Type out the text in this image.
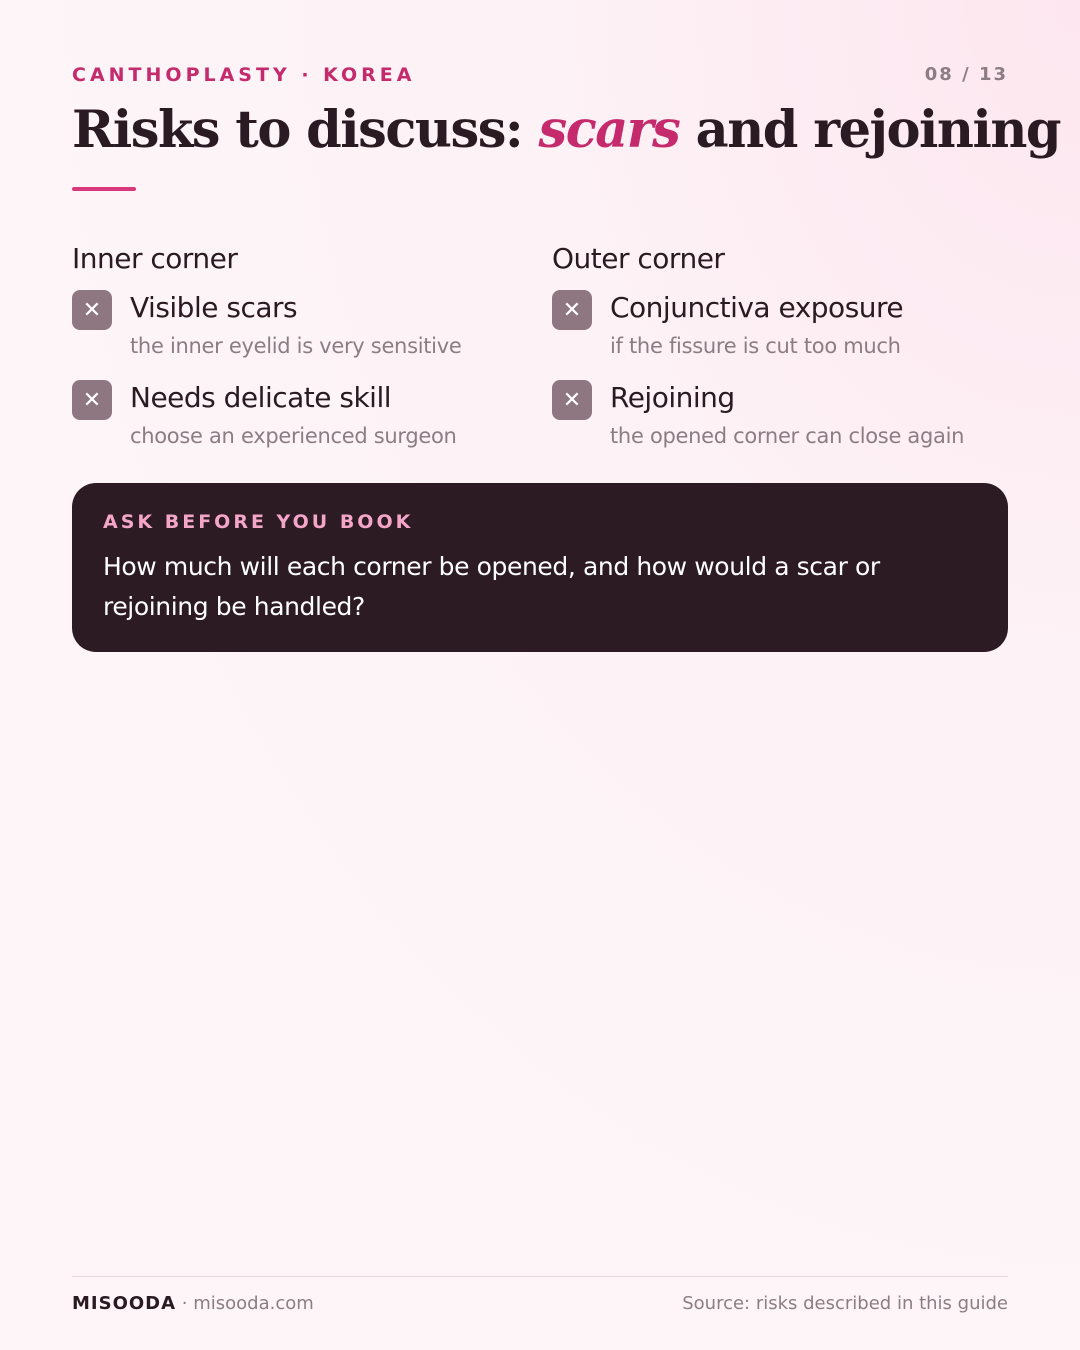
CANTHOPLASTY · KOREA	08 / 13
Risks to discuss: scars and rejoining
Inner corner
✕	Visible scars
the inner eyelid is very sensitive
✕	Needs delicate skill
choose an experienced surgeon
Outer corner
✕	Conjunctiva exposure
if the fissure is cut too much
✕	Rejoining
the opened corner can close again
ASK BEFORE YOU BOOK
How much will each corner be opened, and how would a scar or rejoining be handled?
MISOODA · misooda.com	Source: risks described in this guide
